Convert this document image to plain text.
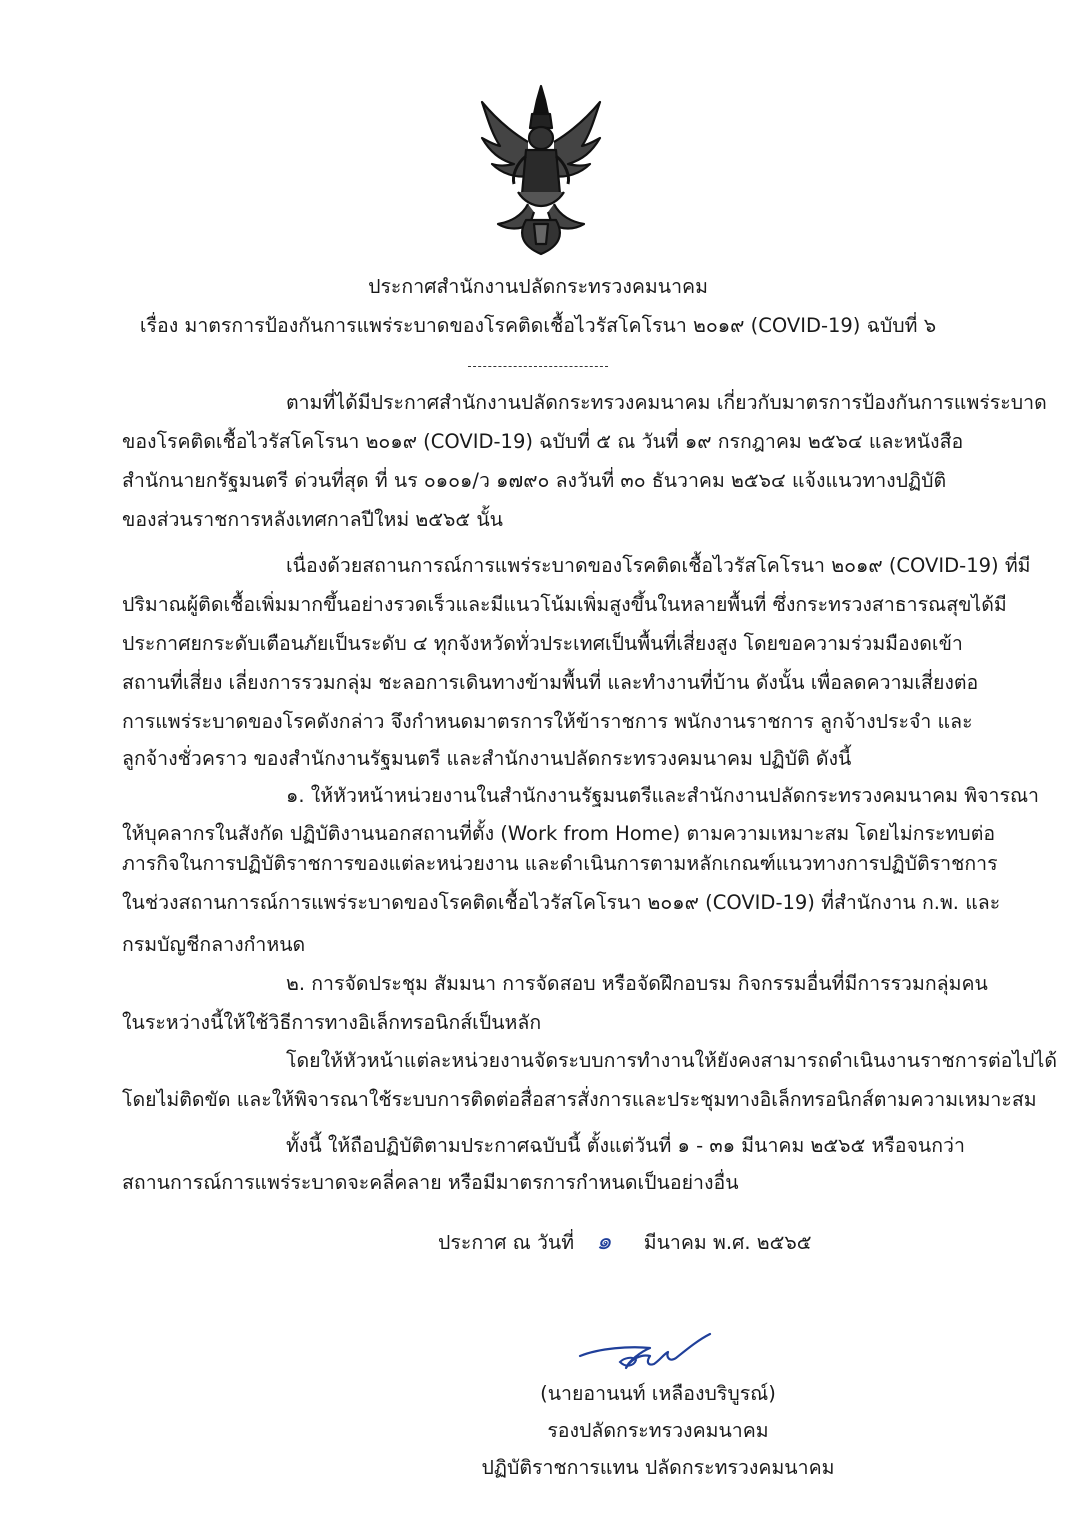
ประกาศสำนักงานปลัดกระทรวงคมนาคม
เรื่อง มาตรการป้องกันการแพร่ระบาดของโรคติดเชื้อไวรัสโคโรนา ๒๐๑๙ (COVID-19) ฉบับที่ ๖
ตามที่ได้มีประกาศสำนักงานปลัดกระทรวงคมนาคม เกี่ยวกับมาตรการป้องกันการแพร่ระบาด
ของโรคติดเชื้อไวรัสโคโรนา ๒๐๑๙ (COVID-19) ฉบับที่ ๕ ณ วันที่ ๑๙ กรกฎาคม ๒๕๖๔ และหนังสือ
สำนักนายกรัฐมนตรี ด่วนที่สุด ที่ นร ๐๑๐๑/ว ๑๗๙๐ ลงวันที่ ๓๐ ธันวาคม ๒๕๖๔ แจ้งแนวทางปฏิบัติ
ของส่วนราชการหลังเทศกาลปีใหม่ ๒๕๖๕ นั้น
เนื่องด้วยสถานการณ์การแพร่ระบาดของโรคติดเชื้อไวรัสโคโรนา ๒๐๑๙ (COVID-19) ที่มี
ปริมาณผู้ติดเชื้อเพิ่มมากขึ้นอย่างรวดเร็วและมีแนวโน้มเพิ่มสูงขึ้นในหลายพื้นที่ ซึ่งกระทรวงสาธารณสุขได้มี
ประกาศยกระดับเตือนภัยเป็นระดับ ๔ ทุกจังหวัดทั่วประเทศเป็นพื้นที่เสี่ยงสูง โดยขอความร่วมมืองดเข้า
สถานที่เสี่ยง เลี่ยงการรวมกลุ่ม ชะลอการเดินทางข้ามพื้นที่ และทำงานที่บ้าน ดังนั้น เพื่อลดความเสี่ยงต่อ
การแพร่ระบาดของโรคดังกล่าว จึงกำหนดมาตรการให้ข้าราชการ พนักงานราชการ ลูกจ้างประจำ และ
ลูกจ้างชั่วคราว ของสำนักงานรัฐมนตรี และสำนักงานปลัดกระทรวงคมนาคม ปฏิบัติ ดังนี้
๑. ให้หัวหน้าหน่วยงานในสำนักงานรัฐมนตรีและสำนักงานปลัดกระทรวงคมนาคม พิจารณา
ให้บุคลากรในสังกัด ปฏิบัติงานนอกสถานที่ตั้ง (Work from Home) ตามความเหมาะสม โดยไม่กระทบต่อ
ภารกิจในการปฏิบัติราชการของแต่ละหน่วยงาน และดำเนินการตามหลักเกณฑ์แนวทางการปฏิบัติราชการ
ในช่วงสถานการณ์การแพร่ระบาดของโรคติดเชื้อไวรัสโคโรนา ๒๐๑๙ (COVID-19) ที่สำนักงาน ก.พ. และ
กรมบัญชีกลางกำหนด
๒. การจัดประชุม สัมมนา การจัดสอบ หรือจัดฝึกอบรม กิจกรรมอื่นที่มีการรวมกลุ่มคน
ในระหว่างนี้ให้ใช้วิธีการทางอิเล็กทรอนิกส์เป็นหลัก
โดยให้หัวหน้าแต่ละหน่วยงานจัดระบบการทำงานให้ยังคงสามารถดำเนินงานราชการต่อไปได้
โดยไม่ติดขัด และให้พิจารณาใช้ระบบการติดต่อสื่อสารสั่งการและประชุมทางอิเล็กทรอนิกส์ตามความเหมาะสม
ทั้งนี้ ให้ถือปฏิบัติตามประกาศฉบับนี้ ตั้งแต่วันที่ ๑ - ๓๑ มีนาคม ๒๕๖๕ หรือจนกว่า
สถานการณ์การแพร่ระบาดจะคลี่คลาย หรือมีมาตรการกำหนดเป็นอย่างอื่น
ประกาศ ณ วันที่ ๑ มีนาคม พ.ศ. ๒๕๖๕
(นายอานนท์ เหลืองบริบูรณ์)
รองปลัดกระทรวงคมนาคม
ปฏิบัติราชการแทน ปลัดกระทรวงคมนาคม
